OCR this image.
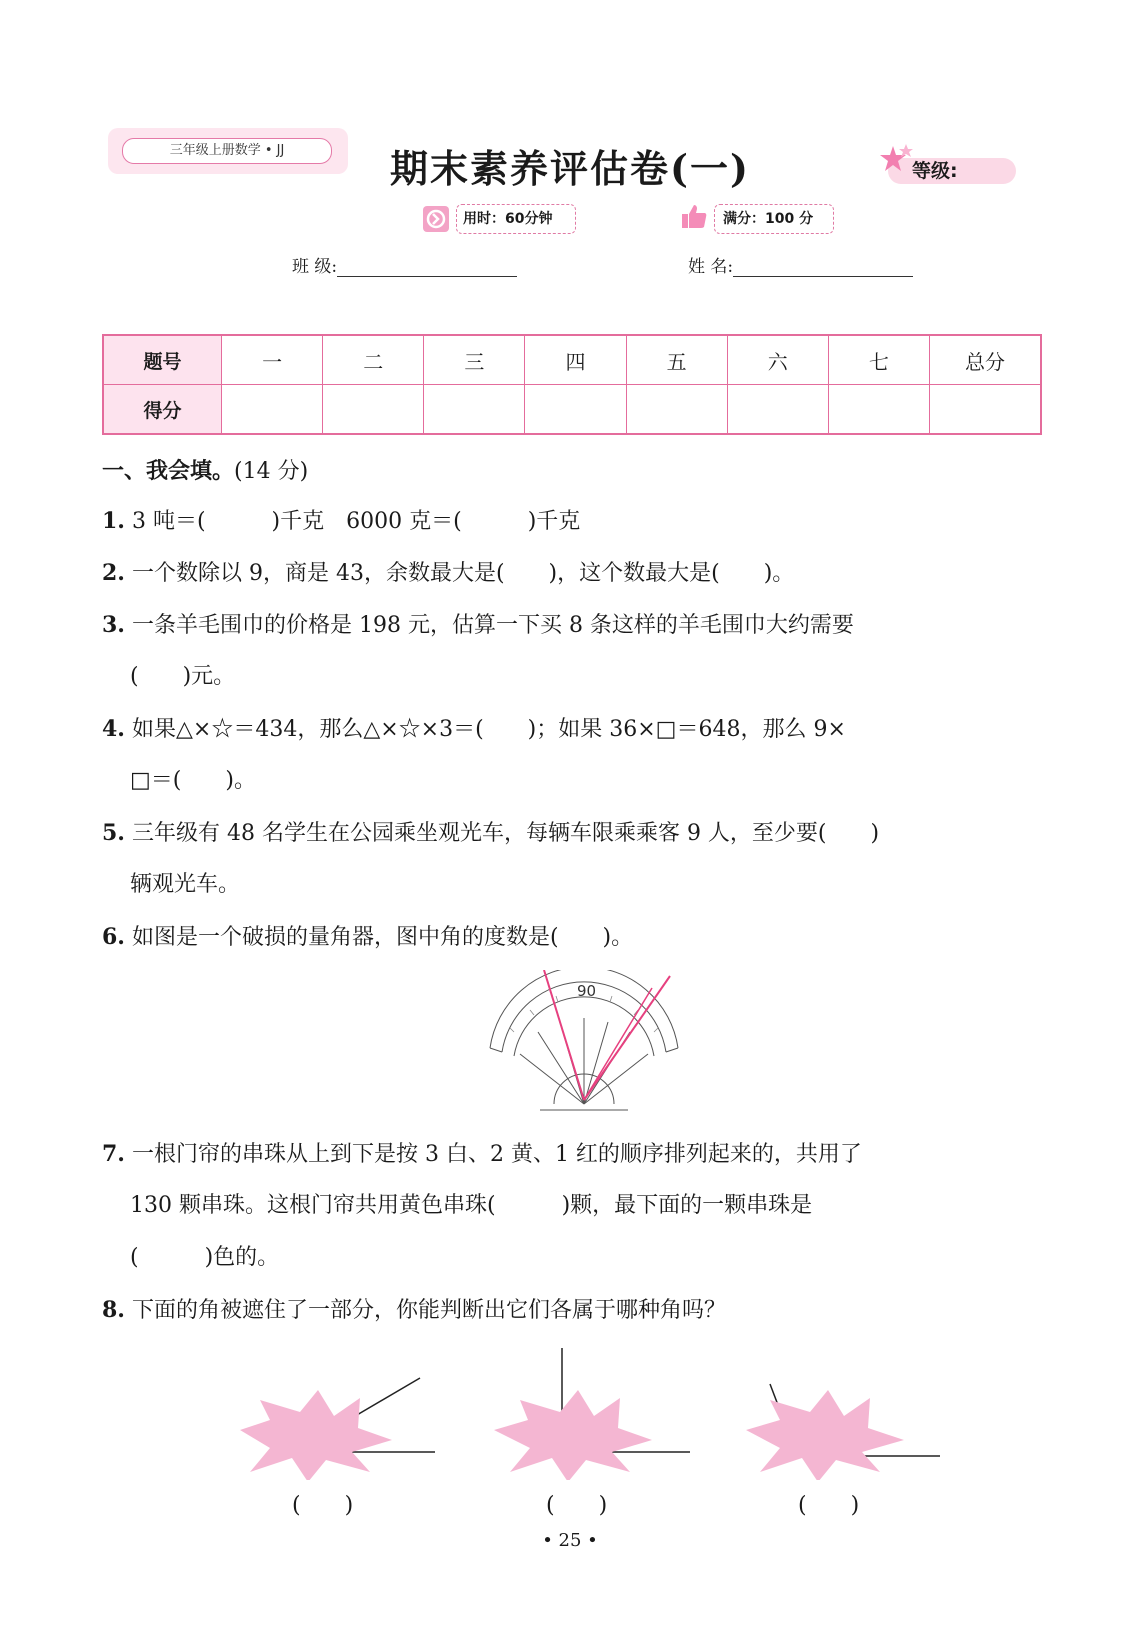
三年级上册数学 • JJ	期末素养评估卷(一)	等级:
用时：60分钟	满分：100 分
班 级:	姓 名:
题号	一	二	三	四	五	六	七	总分
得分								
一、我会填。(14 分)
1. 3 吨＝(　　　)千克　6000 克＝(　　　)千克
2. 一个数除以 9，商是 43，余数最大是(　　)，这个数最大是(　　)。
3. 一条羊毛围巾的价格是 198 元，估算一下买 8 条这样的羊毛围巾大约需要
(　　)元。
4. 如果△×☆＝434，那么△×☆×3＝(　　)；如果 36×□＝648，那么 9×
□＝(　　)。
5. 三年级有 48 名学生在公园乘坐观光车，每辆车限乘乘客 9 人，至少要(　　)
辆观光车。
6. 如图是一个破损的量角器，图中角的度数是(　　)。
90
7. 一根门帘的串珠从上到下是按 3 白、2 黄、1 红的顺序排列起来的，共用了
130 颗串珠。这根门帘共用黄色串珠(　　　)颗，最下面的一颗串珠是
(　　　)色的。
8. 下面的角被遮住了一部分，你能判断出它们各属于哪种角吗？
(　　)	(　　)	(　　)
• 25 •
